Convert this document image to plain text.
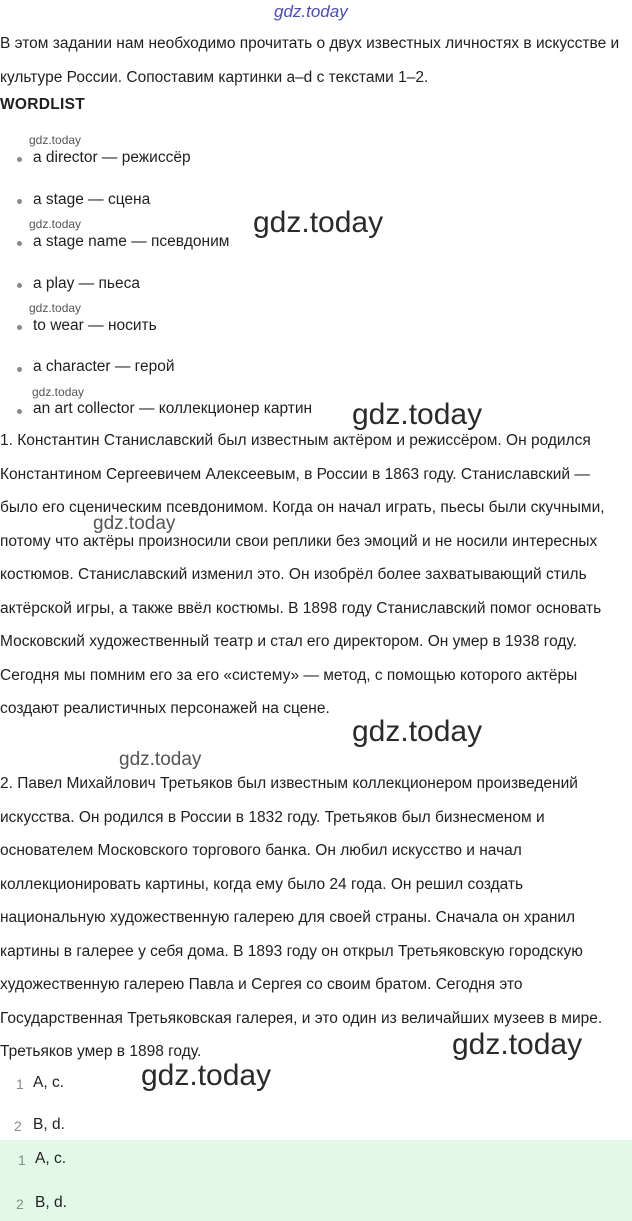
gdz.today
В этом задании нам необходимо прочитать о двух известных личностях в искусстве и культуре России. Сопоставим картинки a–d с текстами 1–2.
WORDLIST
gdz.today
gdz.today
gdz.today
gdz.today
a director — режиссёр
a stage — сцена
a stage name — псевдоним
a play — пьеса
to wear — носить
a character — герой
an art collector — коллекционер картин
1. Константин Станиславский был известным актёром и режиссёром. Он родился Константином Сергеевичем Алексеевым, в России в 1863 году. Станиславский — было его сценическим псевдонимом. Когда он начал играть, пьесы были скучными, потому что актёры произносили свои реплики без эмоций и не носили интересных костюмов. Станиславский изменил это. Он изобрёл более захватывающий стиль актёрской игры, а также ввёл костюмы. В 1898 году Станиславский помог основать Московский художественный театр и стал его директором. Он умер в 1938 году. Сегодня мы помним его за его «систему» — метод, с помощью которого актёры создают реалистичных персонажей на сцене.
2. Павел Михайлович Третьяков был известным коллекционером произведений искусства. Он родился в России в 1832 году. Третьяков был бизнесменом и основателем Московского торгового банка. Он любил искусство и начал коллекционировать картины, когда ему было 24 года. Он решил создать национальную художественную галерею для своей страны. Сначала он хранил картины в галерее у себя дома. В 1893 году он открыл Третьяковскую городскую художественную галерею Павла и Сергея со своим братом. Сегодня это Государственная Третьяковская галерея, и это один из величайших музеев в мире. Третьяков умер в 1898 году.
gdz.today
gdz.today
gdz.today
gdz.today
gdz.today
gdz.today
gdz.today
1 A, c.
2 B, d.
1 A, c.
2 B, d.
